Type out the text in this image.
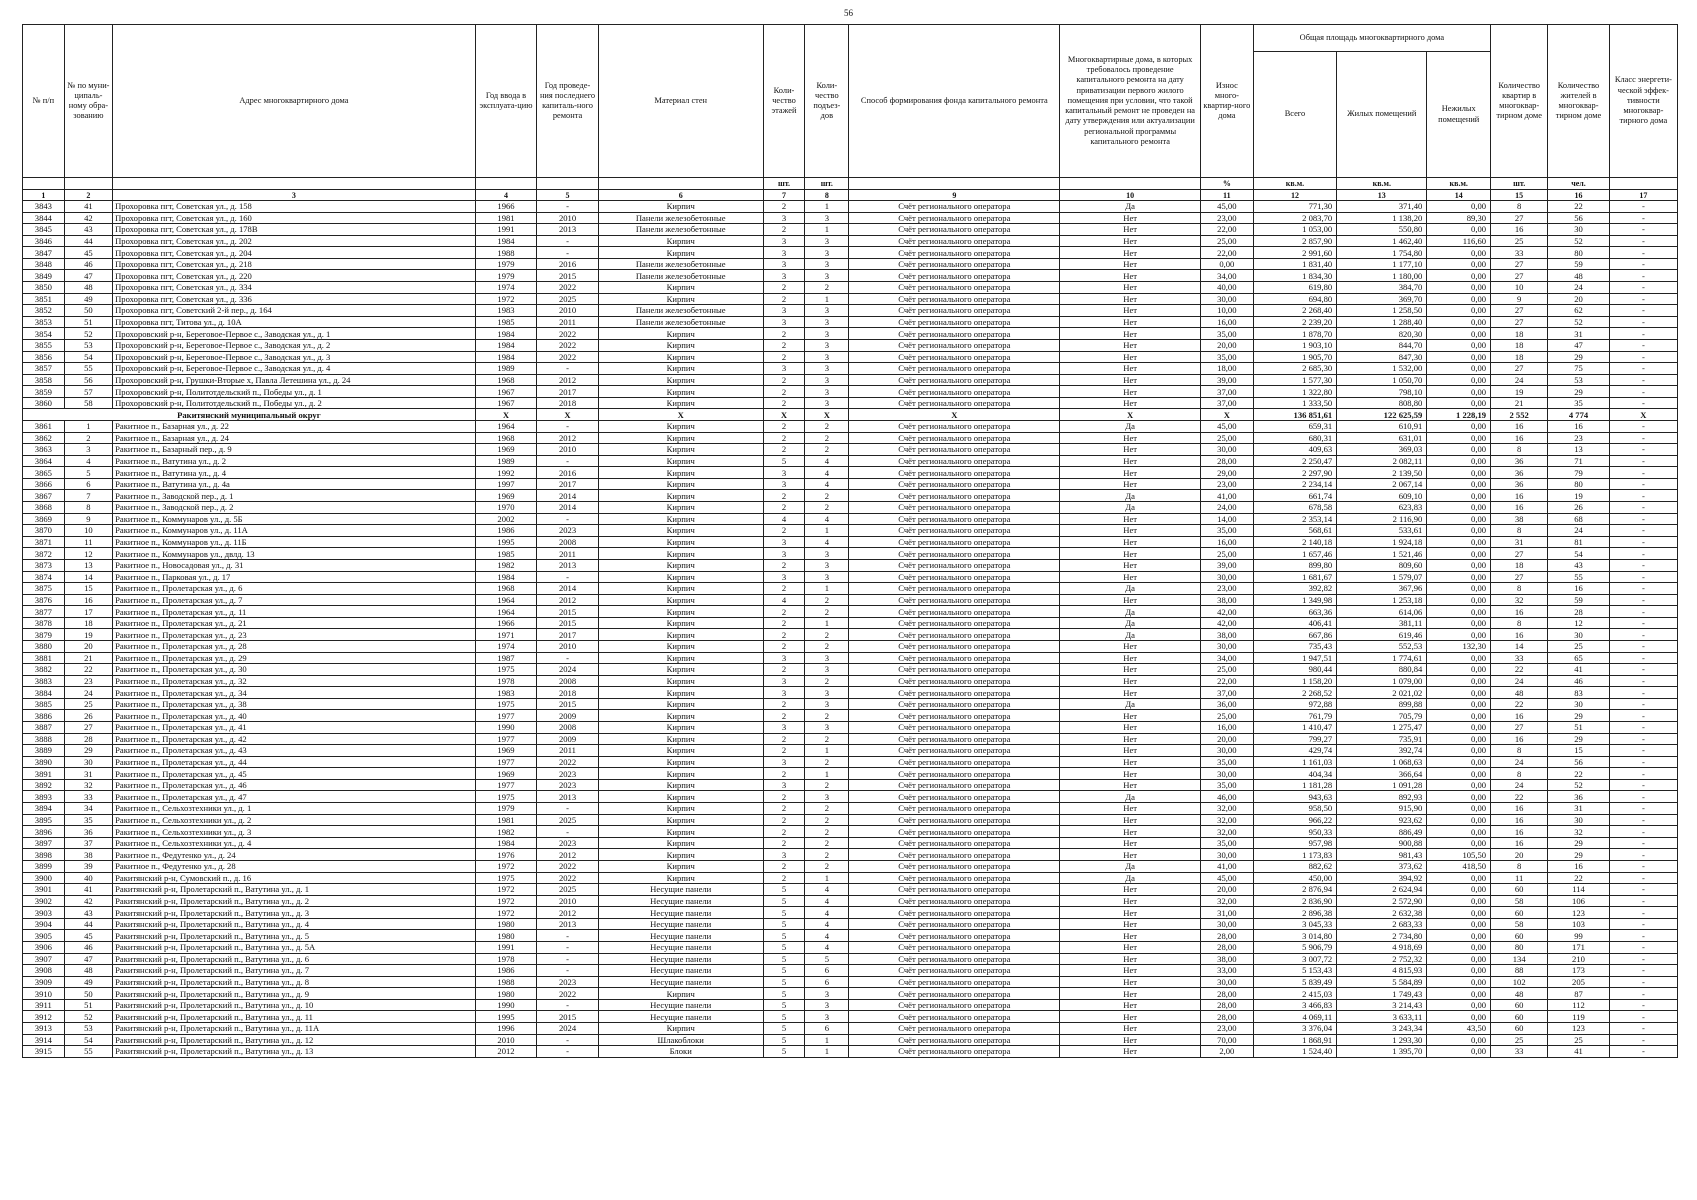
56
№ п/п	№ по муни-ципаль-ному обра-зованию	Адрес многоквартирного дома	Год ввода в эксплуата-цию	Год проведе-ния последнего капиталь-ного ремонта	Материал стен	Коли-чество этажей	Коли-чество подъез-дов	Способ формирования фонда капитального ремонта	Многоквартирные дома, в которых требовалось проведение капитального ремонта на дату приватизации первого жилого помещения при условии, что такой капитальный ремонт не проведен на дату утверждения или актуализации региональной программы капитального ремонта	Износ много-квартир-ного дома	Общая площадь многоквартирного дома			Количество квартир в многоквар-тирном доме	Количество жителей в многоквар-тирном доме	Класс энергети-ческой эффек-тивности многоквар-тирного дома
											Всего	Жилых помещений	Нежилых помещений			
						шт.	шт.			%	кв.м.	кв.м.	кв.м.	шт.	чел.	
1	2	3	4	5	6	7	8	9	10	11	12	13	14	15	16	17
3843	41	Прохоровка пгт, Советская ул., д. 158	1966	-	Кирпич	2	1	Счёт регионального оператора	Да	45,00	771,30	371,40	0,00	8	22	-
3844	42	Прохоровка пгт, Советская ул., д. 160	1981	2010	Панели железобетонные	3	3	Счёт регионального оператора	Нет	23,00	2 083,70	1 138,20	89,30	27	56	-
3845	43	Прохоровка пгт, Советская ул., д. 178В	1991	2013	Панели железобетонные	2	1	Счёт регионального оператора	Нет	22,00	1 053,00	550,80	0,00	16	30	-
3846	44	Прохоровка пгт, Советская ул., д. 202	1984	-	Кирпич	3	3	Счёт регионального оператора	Нет	25,00	2 857,90	1 462,40	116,60	25	52	-
3847	45	Прохоровка пгт, Советская ул., д. 204	1988	-	Кирпич	3	3	Счёт регионального оператора	Нет	22,00	2 991,60	1 754,80	0,00	33	80	-
3848	46	Прохоровка пгт, Советская ул., д. 218	1979	2016	Панели железобетонные	3	3	Счёт регионального оператора	Нет	0,00	1 831,40	1 177,10	0,00	27	59	-
3849	47	Прохоровка пгт, Советская ул., д. 220	1979	2015	Панели железобетонные	3	3	Счёт регионального оператора	Нет	34,00	1 834,30	1 180,00	0,00	27	48	-
3850	48	Прохоровка пгт, Советская ул., д. 334	1974	2022	Кирпич	2	2	Счёт регионального оператора	Нет	40,00	619,80	384,70	0,00	10	24	-
3851	49	Прохоровка пгт, Советская ул., д. 336	1972	2025	Кирпич	2	1	Счёт регионального оператора	Нет	30,00	694,80	369,70	0,00	9	20	-
3852	50	Прохоровка пгт, Советский 2-й пер., д. 164	1983	2010	Панели железобетонные	3	3	Счёт регионального оператора	Нет	10,00	2 268,40	1 258,50	0,00	27	62	-
3853	51	Прохоровка пгт, Титова ул., д. 10А	1985	2011	Панели железобетонные	3	3	Счёт регионального оператора	Нет	16,00	2 239,20	1 288,40	0,00	27	52	-
3854	52	Прохоровский р-н, Береговое-Первое с., Заводская ул., д. 1	1984	2022	Кирпич	2	3	Счёт регионального оператора	Нет	35,00	1 878,70	820,30	0,00	18	31	-
3855	53	Прохоровский р-н, Береговое-Первое с., Заводская ул., д. 2	1984	2022	Кирпич	2	3	Счёт регионального оператора	Нет	20,00	1 903,10	844,70	0,00	18	47	-
3856	54	Прохоровский р-н, Береговое-Первое с., Заводская ул., д. 3	1984	2022	Кирпич	2	3	Счёт регионального оператора	Нет	35,00	1 905,70	847,30	0,00	18	29	-
3857	55	Прохоровский р-н, Береговое-Первое с., Заводская ул., д. 4	1989	-	Кирпич	3	3	Счёт регионального оператора	Нет	18,00	2 685,30	1 532,00	0,00	27	75	-
3858	56	Прохоровский р-н, Грушки-Вторые х, Павла Летешина ул., д. 24	1968	2012	Кирпич	2	3	Счёт регионального оператора	Нет	39,00	1 577,30	1 050,70	0,00	24	53	-
3859	57	Прохоровский р-н, Политотдельский п., Победы ул., д. 1	1967	2017	Кирпич	2	3	Счёт регионального оператора	Нет	37,00	1 322,80	798,10	0,00	19	29	-
3860	58	Прохоровский р-н, Политотдельский п., Победы ул., д. 2	1967	2018	Кирпич	2	3	Счёт регионального оператора	Нет	37,00	1 333,50	808,80	0,00	21	35	-
Ракитянский муниципальный округ			X	X	X	X	X	X	X	X	136 851,61	122 625,59	1 228,19	2 552	4 774	X
3861	1	Ракитное п., Базарная ул., д. 22	1964	-	Кирпич	2	2	Счёт регионального оператора	Да	45,00	659,31	610,91	0,00	16	16	-
3862	2	Ракитное п., Базарная ул., д. 24	1968	2012	Кирпич	2	2	Счёт регионального оператора	Нет	25,00	680,31	631,01	0,00	16	23	-
3863	3	Ракитное п., Базарный пер., д. 9	1969	2010	Кирпич	2	2	Счёт регионального оператора	Нет	30,00	409,63	369,03	0,00	8	13	-
3864	4	Ракитное п., Ватутина ул., д. 2	1989	-	Кирпич	5	4	Счёт регионального оператора	Нет	28,00	2 250,47	2 082,11	0,00	36	71	-
3865	5	Ракитное п., Ватутина ул., д. 4	1992	2016	Кирпич	3	4	Счёт регионального оператора	Нет	29,00	2 297,90	2 139,50	0,00	36	79	-
3866	6	Ракитное п., Ватутина ул., д. 4а	1997	2017	Кирпич	3	4	Счёт регионального оператора	Нет	23,00	2 234,14	2 067,14	0,00	36	80	-
3867	7	Ракитное п., Заводской пер., д. 1	1969	2014	Кирпич	2	2	Счёт регионального оператора	Да	41,00	661,74	609,10	0,00	16	19	-
3868	8	Ракитное п., Заводской пер., д. 2	1970	2014	Кирпич	2	2	Счёт регионального оператора	Да	24,00	678,58	623,83	0,00	16	26	-
3869	9	Ракитное п., Коммунаров ул., д. 5Б	2002	-	Кирпич	4	4	Счёт регионального оператора	Нет	14,00	2 353,14	2 116,90	0,00	38	68	-
3870	10	Ракитное п., Коммунаров ул., д. 11А	1986	2023	Кирпич	2	1	Счёт регионального оператора	Нет	35,00	568,61	533,61	0,00	8	24	-
3871	11	Ракитное п., Коммунаров ул., д. 11Б	1995	2008	Кирпич	3	4	Счёт регионального оператора	Нет	16,00	2 140,18	1 924,18	0,00	31	81	-
3872	12	Ракитное п., Коммунаров ул., двлд. 13	1985	2011	Кирпич	3	3	Счёт регионального оператора	Нет	25,00	1 657,46	1 521,46	0,00	27	54	-
3873	13	Ракитное п., Новосадовая ул., д. 31	1982	2013	Кирпич	2	3	Счёт регионального оператора	Нет	39,00	899,80	809,60	0,00	18	43	-
3874	14	Ракитное п., Парковая ул., д. 17	1984	-	Кирпич	3	3	Счёт регионального оператора	Нет	30,00	1 681,67	1 579,07	0,00	27	55	-
3875	15	Ракитное п., Пролетарская ул., д. 6	1968	2014	Кирпич	2	1	Счёт регионального оператора	Да	23,00	392,82	367,96	0,00	8	16	-
3876	16	Ракитное п., Пролетарская ул., д. 7	1964	2012	Кирпич	4	2	Счёт регионального оператора	Нет	38,00	1 349,98	1 253,18	0,00	32	59	-
3877	17	Ракитное п., Пролетарская ул., д. 11	1964	2015	Кирпич	2	2	Счёт регионального оператора	Да	42,00	663,36	614,06	0,00	16	28	-
3878	18	Ракитное п., Пролетарская ул., д. 21	1966	2015	Кирпич	2	1	Счёт регионального оператора	Да	42,00	406,41	381,11	0,00	8	12	-
3879	19	Ракитное п., Пролетарская ул., д. 23	1971	2017	Кирпич	2	2	Счёт регионального оператора	Да	38,00	667,86	619,46	0,00	16	30	-
3880	20	Ракитное п., Пролетарская ул., д. 28	1974	2010	Кирпич	2	2	Счёт регионального оператора	Нет	30,00	735,43	552,53	132,30	14	25	-
3881	21	Ракитное п., Пролетарская ул., д. 29	1987	-	Кирпич	3	3	Счёт регионального оператора	Нет	34,00	1 947,51	1 774,61	0,00	33	65	-
3882	22	Ракитное п., Пролетарская ул., д. 30	1975	2024	Кирпич	2	3	Счёт регионального оператора	Нет	25,00	980,44	880,84	0,00	22	41	-
3883	23	Ракитное п., Пролетарская ул., д. 32	1978	2008	Кирпич	3	2	Счёт регионального оператора	Нет	22,00	1 158,20	1 079,00	0,00	24	46	-
3884	24	Ракитное п., Пролетарская ул., д. 34	1983	2018	Кирпич	3	3	Счёт регионального оператора	Нет	37,00	2 268,52	2 021,02	0,00	48	83	-
3885	25	Ракитное п., Пролетарская ул., д. 38	1975	2015	Кирпич	2	3	Счёт регионального оператора	Да	36,00	972,88	899,88	0,00	22	30	-
3886	26	Ракитное п., Пролетарская ул., д. 40	1977	2009	Кирпич	2	2	Счёт регионального оператора	Нет	25,00	761,79	705,79	0,00	16	29	-
3887	27	Ракитное п., Пролетарская ул., д. 41	1990	2008	Кирпич	3	3	Счёт регионального оператора	Нет	16,00	1 410,47	1 275,47	0,00	27	51	-
3888	28	Ракитное п., Пролетарская ул., д. 42	1977	2009	Кирпич	2	2	Счёт регионального оператора	Нет	20,00	799,27	735,91	0,00	16	29	-
3889	29	Ракитное п., Пролетарская ул., д. 43	1969	2011	Кирпич	2	1	Счёт регионального оператора	Нет	30,00	429,74	392,74	0,00	8	15	-
3890	30	Ракитное п., Пролетарская ул., д. 44	1977	2022	Кирпич	3	2	Счёт регионального оператора	Нет	35,00	1 161,03	1 068,63	0,00	24	56	-
3891	31	Ракитное п., Пролетарская ул., д. 45	1969	2023	Кирпич	2	1	Счёт регионального оператора	Нет	30,00	404,34	366,64	0,00	8	22	-
3892	32	Ракитное п., Пролетарская ул., д. 46	1977	2023	Кирпич	3	2	Счёт регионального оператора	Нет	35,00	1 181,28	1 091,28	0,00	24	52	-
3893	33	Ракитное п., Пролетарская ул., д. 47	1975	2013	Кирпич	2	3	Счёт регионального оператора	Да	46,00	943,63	892,93	0,00	22	36	-
3894	34	Ракитное п., Сельхозтехники ул., д. 1	1979	-	Кирпич	2	2	Счёт регионального оператора	Нет	32,00	958,50	915,90	0,00	16	31	-
3895	35	Ракитное п., Сельхозтехники ул., д. 2	1981	2025	Кирпич	2	2	Счёт регионального оператора	Нет	32,00	966,22	923,62	0,00	16	30	-
3896	36	Ракитное п., Сельхозтехники ул., д. 3	1982	-	Кирпич	2	2	Счёт регионального оператора	Нет	32,00	950,33	886,49	0,00	16	32	-
3897	37	Ракитное п., Сельхозтехники ул., д. 4	1984	2023	Кирпич	2	2	Счёт регионального оператора	Нет	35,00	957,98	900,88	0,00	16	29	-
3898	38	Ракитное п., Федутенко ул., д. 24	1976	2012	Кирпич	3	2	Счёт регионального оператора	Нет	30,00	1 173,83	981,43	105,50	20	29	-
3899	39	Ракитное п., Федутенко ул., д. 28	1972	2022	Кирпич	2	2	Счёт регионального оператора	Да	41,00	882,62	373,62	418,50	8	16	-
3900	40	Ракитянский р-н, Сумовский п., д. 16	1975	2022	Кирпич	2	1	Счёт регионального оператора	Да	45,00	450,00	394,92	0,00	11	22	-
3901	41	Ракитянский р-н, Пролетарский п., Ватутина ул., д. 1	1972	2025	Несущие панели	5	4	Счёт регионального оператора	Нет	20,00	2 876,94	2 624,94	0,00	60	114	-
3902	42	Ракитянский р-н, Пролетарский п., Ватутина ул., д. 2	1972	2010	Несущие панели	5	4	Счёт регионального оператора	Нет	32,00	2 836,90	2 572,90	0,00	58	106	-
3903	43	Ракитянский р-н, Пролетарский п., Ватутина ул., д. 3	1972	2012	Несущие панели	5	4	Счёт регионального оператора	Нет	31,00	2 896,38	2 632,38	0,00	60	123	-
3904	44	Ракитянский р-н, Пролетарский п., Ватутина ул., д. 4	1980	2013	Несущие панели	5	4	Счёт регионального оператора	Нет	30,00	3 045,33	2 683,33	0,00	58	103	-
3905	45	Ракитянский р-н, Пролетарский п., Ватутина ул., д. 5	1980	-	Несущие панели	5	4	Счёт регионального оператора	Нет	28,00	3 014,80	2 734,80	0,00	60	99	-
3906	46	Ракитянский р-н, Пролетарский п., Ватутина ул., д. 5А	1991	-	Несущие панели	5	4	Счёт регионального оператора	Нет	28,00	5 906,79	4 918,69	0,00	80	171	-
3907	47	Ракитянский р-н, Пролетарский п., Ватутина ул., д. 6	1978	-	Несущие панели	5	5	Счёт регионального оператора	Нет	38,00	3 007,72	2 752,32	0,00	134	210	-
3908	48	Ракитянский р-н, Пролетарский п., Ватутина ул., д. 7	1986	-	Несущие панели	5	6	Счёт регионального оператора	Нет	33,00	5 153,43	4 815,93	0,00	88	173	-
3909	49	Ракитянский р-н, Пролетарский п., Ватутина ул., д. 8	1988	2023	Несущие панели	5	6	Счёт регионального оператора	Нет	30,00	5 839,49	5 584,89	0,00	102	205	-
3910	50	Ракитянский р-н, Пролетарский п., Ватутина ул., д. 9	1980	2022	Кирпич	5	3	Счёт регионального оператора	Нет	28,00	2 415,03	1 749,43	0,00	48	87	-
3911	51	Ракитянский р-н, Пролетарский п., Ватутина ул., д. 10	1990	-	Несущие панели	5	3	Счёт регионального оператора	Нет	28,00	3 466,83	3 214,43	0,00	60	112	-
3912	52	Ракитянский р-н, Пролетарский п., Ватутина ул., д. 11	1995	2015	Несущие панели	5	3	Счёт регионального оператора	Нет	28,00	4 069,11	3 633,11	0,00	60	119	-
3913	53	Ракитянский р-н, Пролетарский п., Ватутина ул., д. 11А	1996	2024	Кирпич	5	6	Счёт регионального оператора	Нет	23,00	3 376,04	3 243,34	43,50	60	123	-
3914	54	Ракитянский р-н, Пролетарский п., Ватутина ул., д. 12	2010	-	Шлакоблоки	5	1	Счёт регионального оператора	Нет	70,00	1 868,91	1 293,30	0,00	25	25	-
3915	55	Ракитянский р-н, Пролетарский п., Ватутина ул., д. 13	2012	-	Блоки	5	1	Счёт регионального оператора	Нет	2,00	1 524,40	1 395,70	0,00	33	41	-
